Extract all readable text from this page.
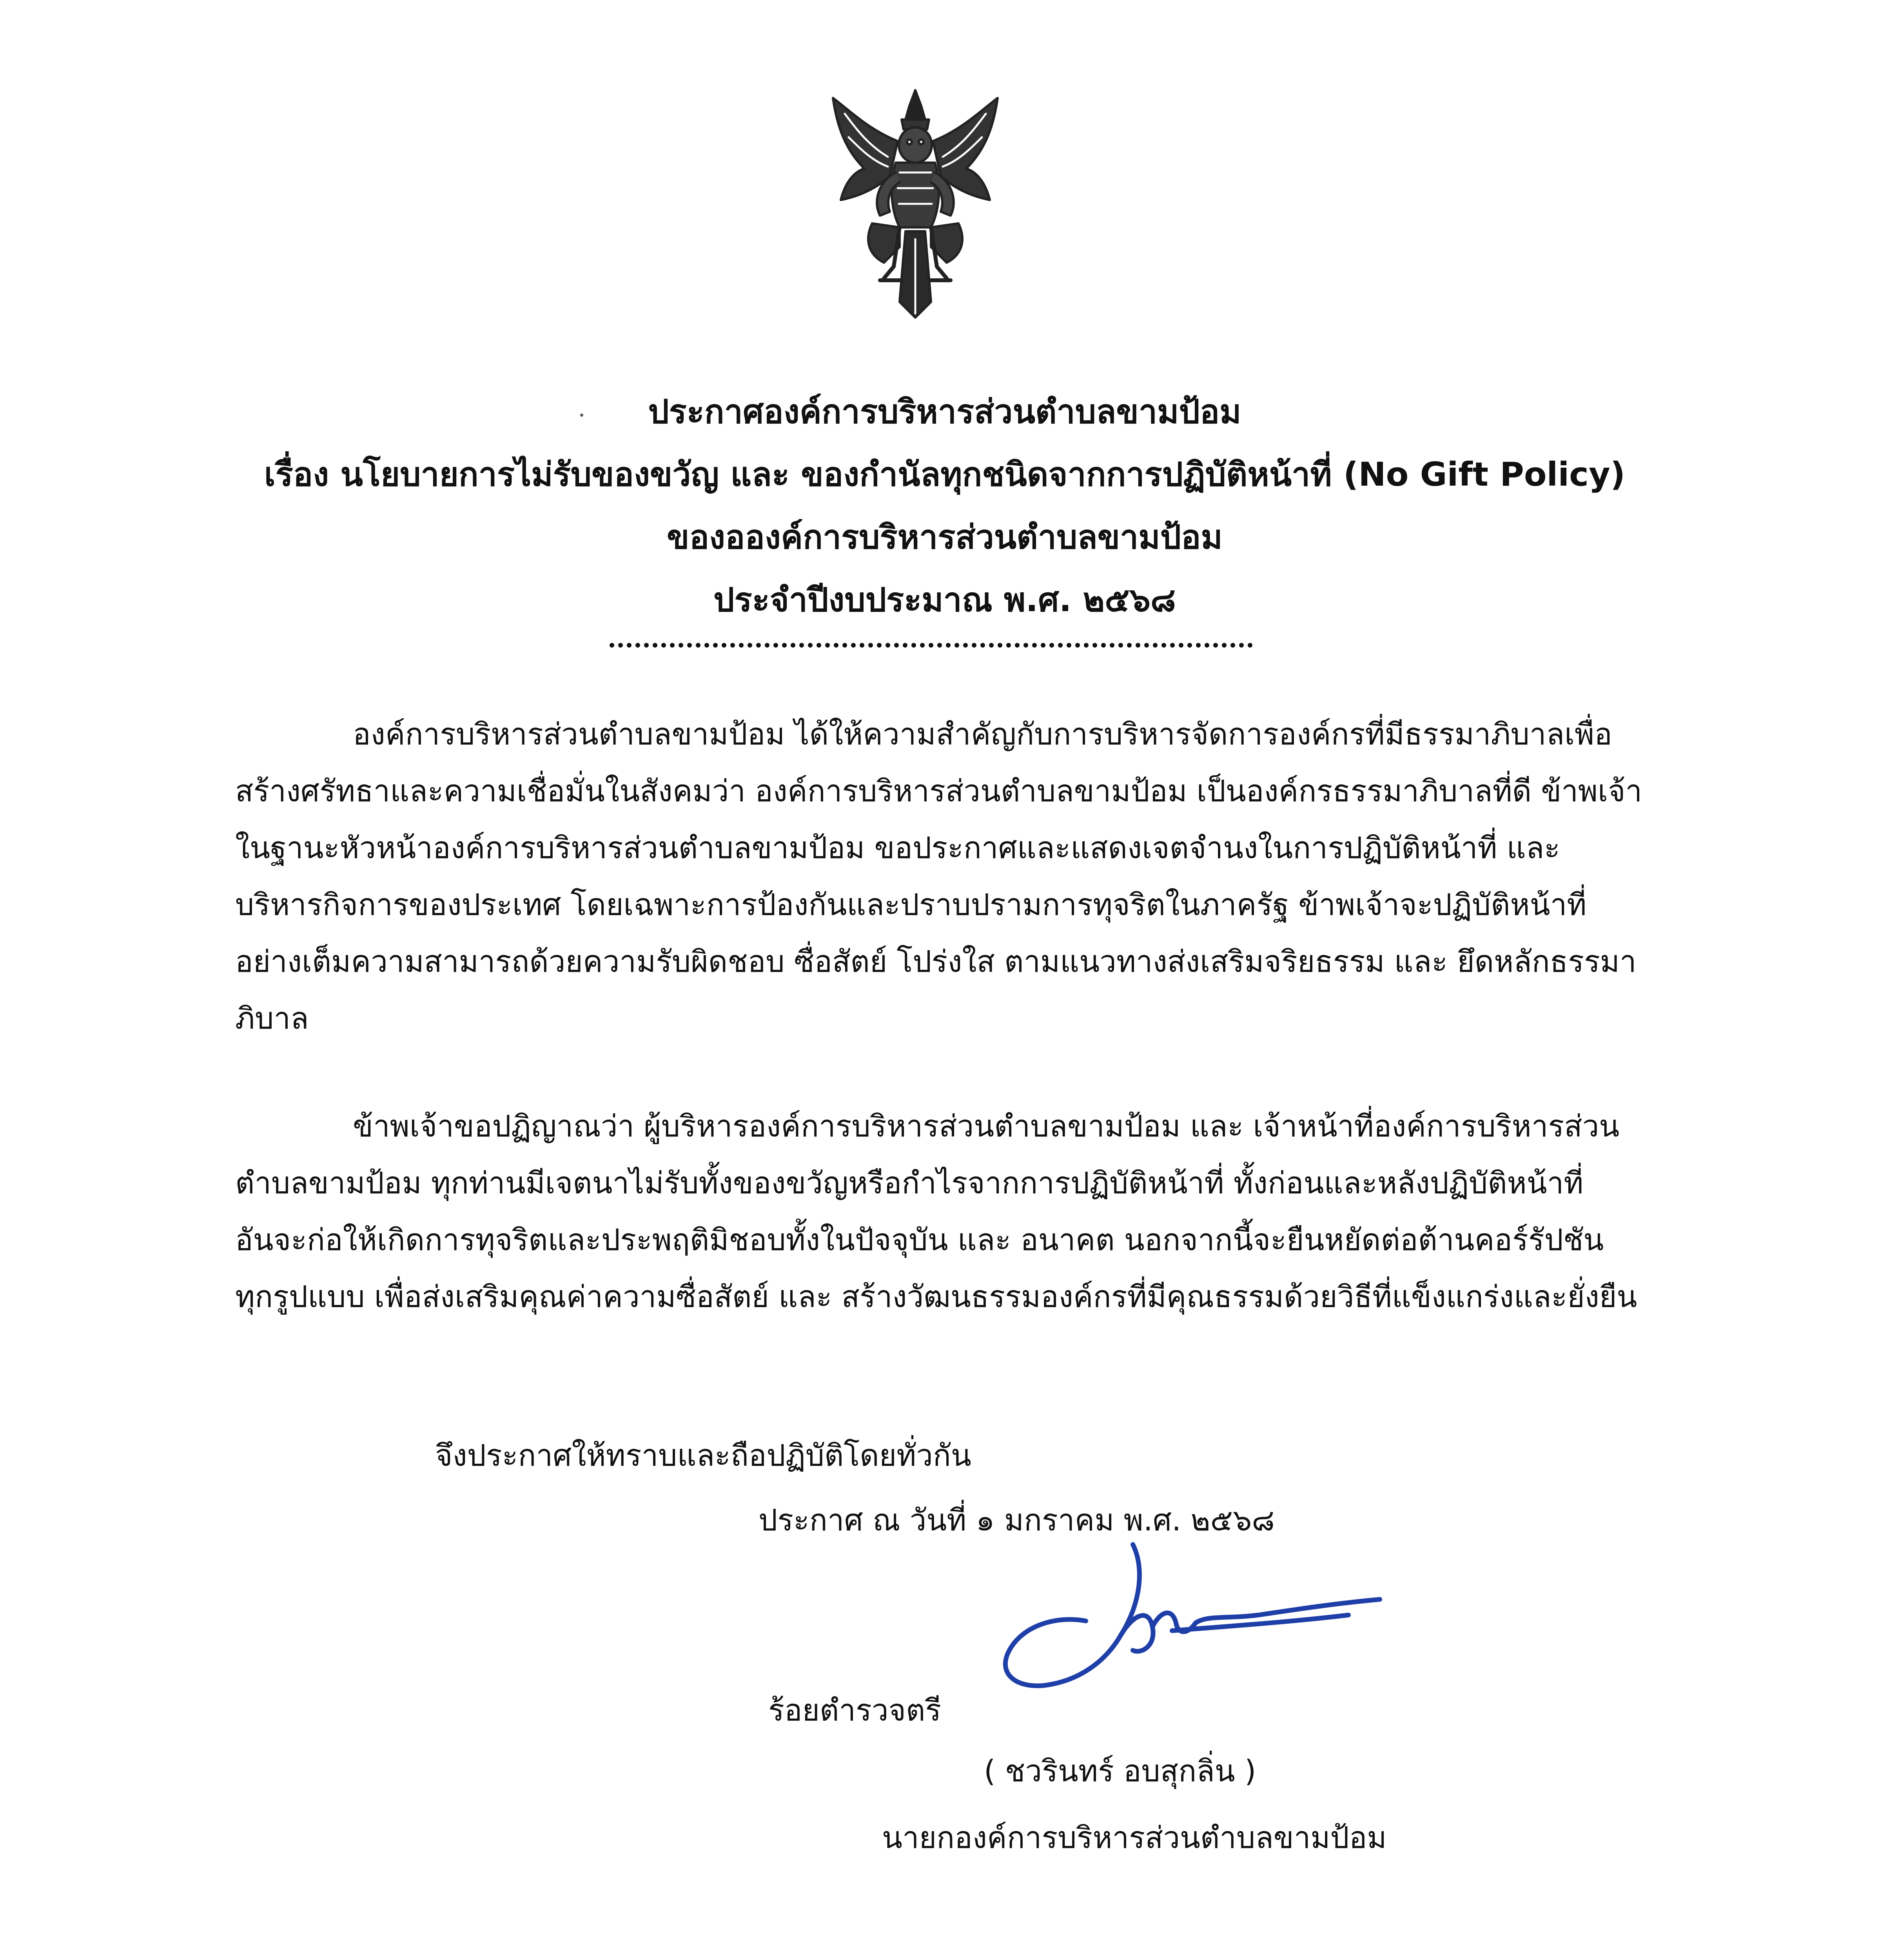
ประกาศองค์การบริหารส่วนตำบลขามป้อม
เรื่อง นโยบายการไม่รับของขวัญ และ ของกำนัลทุกชนิดจากการปฏิบัติหน้าที่ (No Gift Policy)
ของอองค์การบริหารส่วนตำบลขามป้อม
ประจำปีงบประมาณ พ.ศ. ๒๕๖๘

องค์การบริหารส่วนตำบลขามป้อม ได้ให้ความสำคัญกับการบริหารจัดการองค์กรที่มีธรรมาภิบาลเพื่อ
สร้างศรัทธาและความเชื่อมั่นในสังคมว่า องค์การบริหารส่วนตำบลขามป้อม เป็นองค์กรธรรมาภิบาลที่ดี ข้าพเจ้า
ในฐานะหัวหน้าองค์การบริหารส่วนตำบลขามป้อม ขอประกาศและแสดงเจตจำนงในการปฏิบัติหน้าที่ และ
บริหารกิจการของประเทศ โดยเฉพาะการป้องกันและปราบปรามการทุจริตในภาครัฐ ข้าพเจ้าจะปฏิบัติหน้าที่
อย่างเต็มความสามารถด้วยความรับผิดชอบ ซื่อสัตย์ โปร่งใส ตามแนวทางส่งเสริมจริยธรรม และ ยึดหลักธรรมา
ภิบาล

ข้าพเจ้าขอปฏิญาณว่า ผู้บริหารองค์การบริหารส่วนตำบลขามป้อม และ เจ้าหน้าที่องค์การบริหารส่วน
ตำบลขามป้อม ทุกท่านมีเจตนาไม่รับทั้งของขวัญหรือกำไรจากการปฏิบัติหน้าที่ ทั้งก่อนและหลังปฏิบัติหน้าที่
อันจะก่อให้เกิดการทุจริตและประพฤติมิชอบทั้งในปัจจุบัน และ อนาคต นอกจากนี้จะยืนหยัดต่อต้านคอร์รัปชัน
ทุกรูปแบบ เพื่อส่งเสริมคุณค่าความซื่อสัตย์ และ สร้างวัฒนธรรมองค์กรที่มีคุณธรรมด้วยวิธีที่แข็งแกร่งและยั่งยืน

จึงประกาศให้ทราบและถือปฏิบัติโดยทั่วกัน
ประกาศ ณ วันที่ ๑ มกราคม พ.ศ. ๒๕๖๘
ร้อยตำรวจตรี
( ชวรินทร์ อบสุกลิ่น )
นายกองค์การบริหารส่วนตำบลขามป้อม
